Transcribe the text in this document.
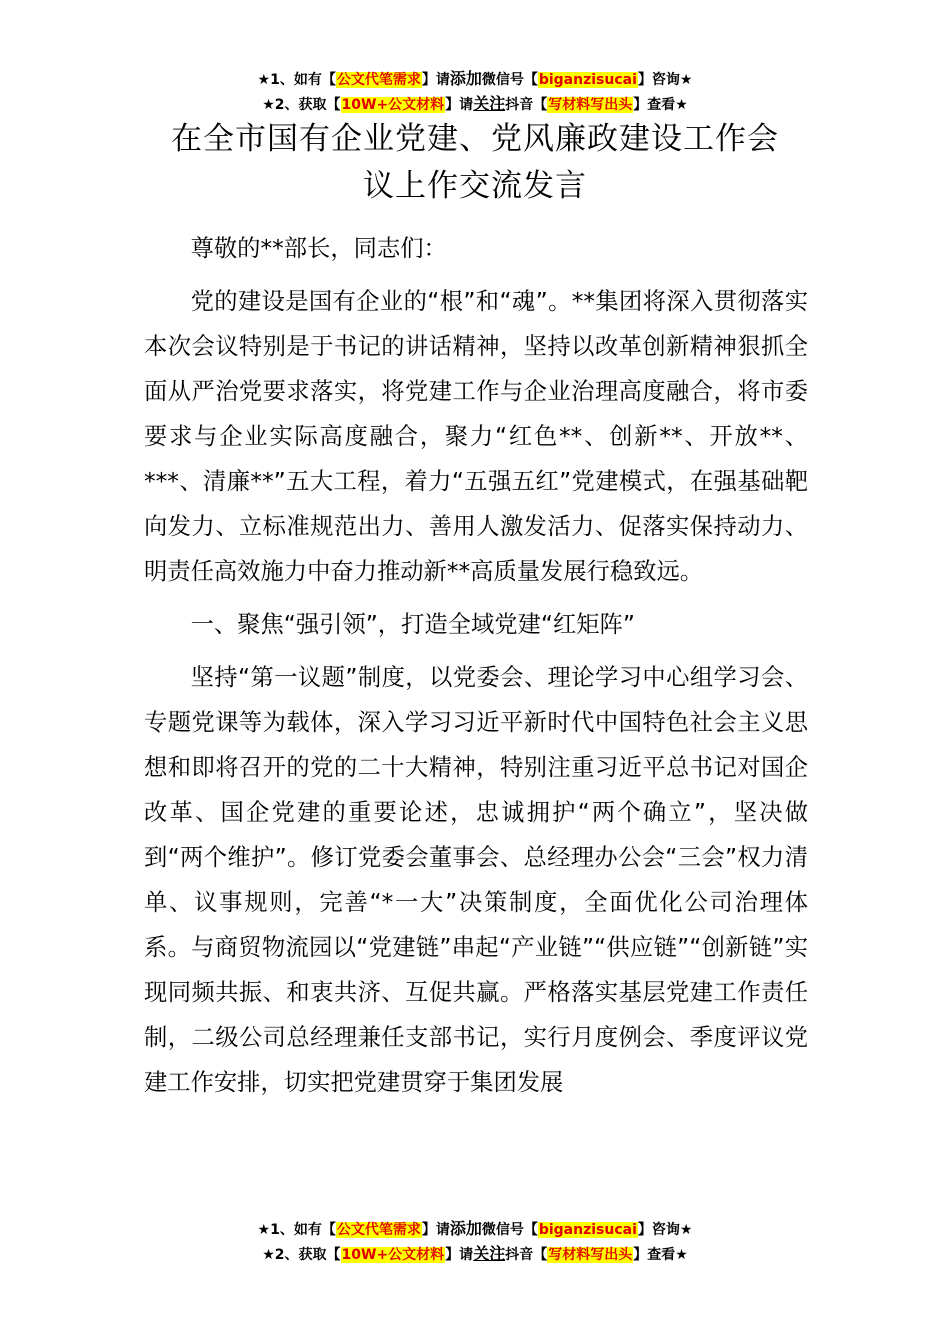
★1、如有【公文代笔需求】请添加微信号【biganzisucai】咨询★
★2、获取【10W+公文材料】请关注抖音【写材料写出头】查看★
在全市国有企业党建、党风廉政建设工作会
议上作交流发言

尊敬的**部长，同志们：

党的建设是国有企业的“根”和“魂”。**集团将深入贯彻落实本次会议特别是于书记的讲话精神，坚持以改革创新精神狠抓全面从严治党要求落实，将党建工作与企业治理高度融合，将市委要求与企业实际高度融合，聚力“红色**、创新**、开放**、***、清廉**”五大工程，着力“五强五红”党建模式，在强基础靶向发力、立标准规范出力、善用人激发活力、促落实保持动力、明责任高效施力中奋力推动新**高质量发展行稳致远。

一、聚焦“强引领”，打造全域党建“红矩阵”

坚持“第一议题”制度，以党委会、理论学习中心组学习会、专题党课等为载体，深入学习习近平新时代中国特色社会主义思想和即将召开的党的二十大精神，特别注重习近平总书记对国企改革、国企党建的重要论述，忠诚拥护“两个确立”，坚决做到“两个维护”。修订党委会董事会、总经理办公会“三会”权力清单、议事规则，完善“*一大”决策制度，全面优化公司治理体系。与商贸物流园以“党建链”串起“产业链”“供应链”“创新链”实现同频共振、和衷共济、互促共赢。严格落实基层党建工作责任制，二级公司总经理兼任支部书记，实行月度例会、季度评议党建工作安排，切实把党建贯穿于集团发展

★1、如有【公文代笔需求】请添加微信号【biganzisucai】咨询★
★2、获取【10W+公文材料】请关注抖音【写材料写出头】查看★
